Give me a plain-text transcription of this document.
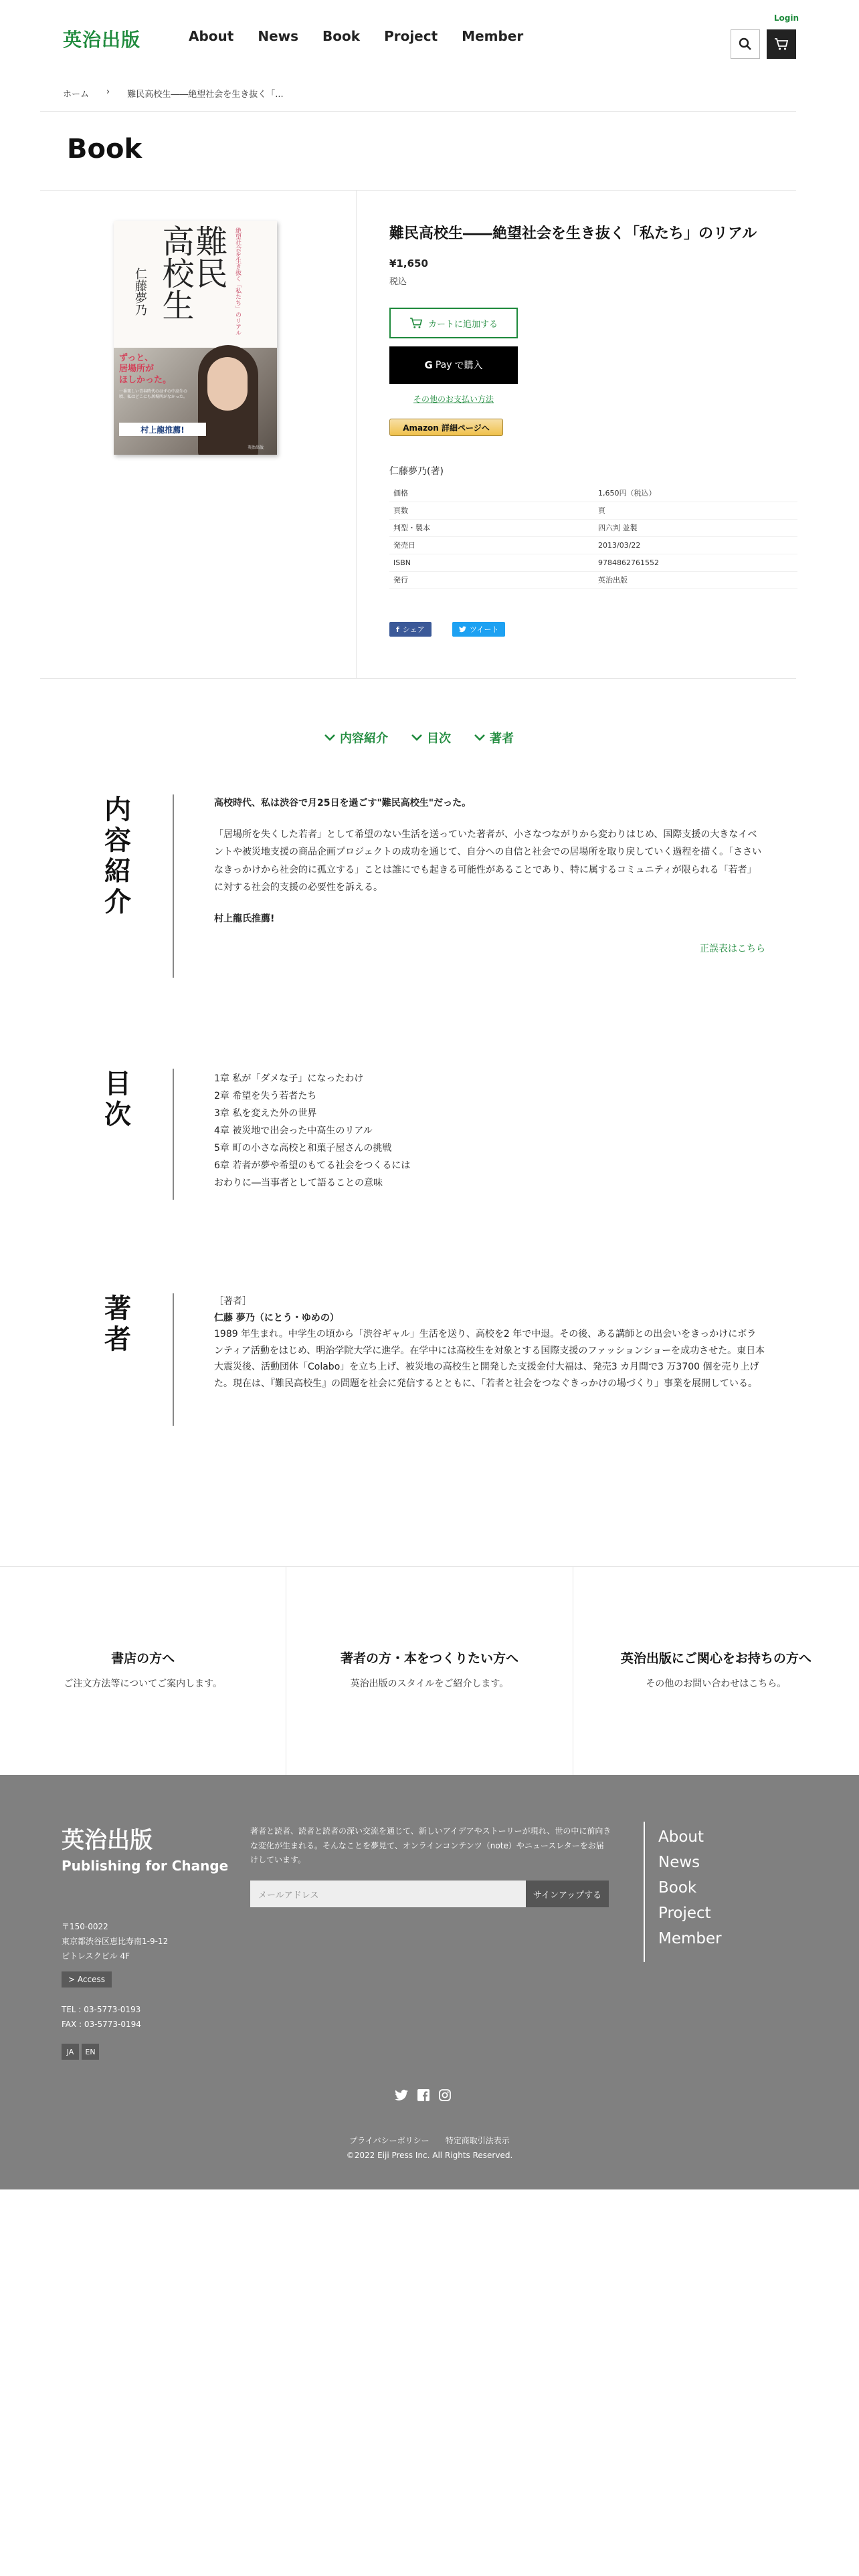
英治出版	About News Book Project Member
Login
ホーム › 難民高校生――絶望社会を生き抜く「...
Book
難民
高校生	絶望社会を生き抜く「私たち」のリアル
仁藤夢乃
ずっと、
居場所が
ほしかった。
一番楽しい青春時代のはずの中高生の頃、私はどこにも居場所がなかった。
村上龍推薦!
英治出版
難民高校生――絶望社会を生き抜く「私たち」のリアル
¥1,650
税込
カートに追加する
G Pay で購入
その他のお支払い方法
Amazon 詳細ページへ
仁藤夢乃(著)
価格	1,650円（税込）
頁数	頁
判型・製本	四六判 並製
発売日	2013/03/22
ISBN	9784862761552
発行	英治出版
f シェア	ツイート
内容紹介	目次	著者
内容紹介
高校時代、私は渋谷で月25日を過ごす"難民高校生"だった。
「居場所を失くした若者」として希望のない生活を送っていた著者が、小さなつながりから変わりはじめ、国際支援の大きなイベントや被災地支援の商品企画プロジェクトの成功を通じて、自分への自信と社会での居場所を取り戻していく過程を描く。「ささいなきっかけから社会的に孤立する」ことは誰にでも起きる可能性があることであり、特に属するコミュニティが限られる「若者」に対する社会的支援の必要性を訴える。
村上龍氏推薦!
正誤表はこちら
目次
1章 私が「ダメな子」になったわけ
2章 希望を失う若者たち
3章 私を変えた外の世界
4章 被災地で出会った中高生のリアル
5章 町の小さな高校と和菓子屋さんの挑戦
6章 若者が夢や希望のもてる社会をつくるには
おわりに―当事者として語ることの意味
著者
［著者］
仁藤 夢乃（にとう・ゆめの）
1989 年生まれ。中学生の頃から「渋谷ギャル」生活を送り、高校を2 年で中退。その後、ある講師との出会いをきっかけにボランティア活動をはじめ、明治学院大学に進学。在学中には高校生を対象とする国際支援のファッションショーを成功させた。東日本大震災後、活動団体「Colabo」を立ち上げ、被災地の高校生と開発した支援金付大福は、発売3 カ月間で3 万3700 個を売り上げた。現在は、『難民高校生』の問題を社会に発信するとともに、「若者と社会をつなぐきっかけの場づくり」事業を展開している。
書店の方へ
ご注文方法等についてご案内します。
著者の方・本をつくりたい方へ
英治出版のスタイルをご紹介します。
英治出版にご関心をお持ちの方へ
その他のお問い合わせはこちら。
英治出版
Publishing for Change
著者と読者、読者と読者の深い交流を通じて、新しいアイデアやストーリーが現れ、世の中に前向きな変化が生まれる。そんなことを夢見て、オンラインコンテンツ（note）やニュースレターをお届けしています。
メールアドレス	サインアップする
About
News
Book
Project
Member
〒150-0022
東京都渋谷区恵比寿南1-9-12
ピトレスクビル 4F
> Access
TEL : 03-5773-0193
FAX : 03-5773-0194
JA	EN
プライバシーポリシー 特定商取引法表示
©2022 Eiji Press Inc. All Rights Reserved.
